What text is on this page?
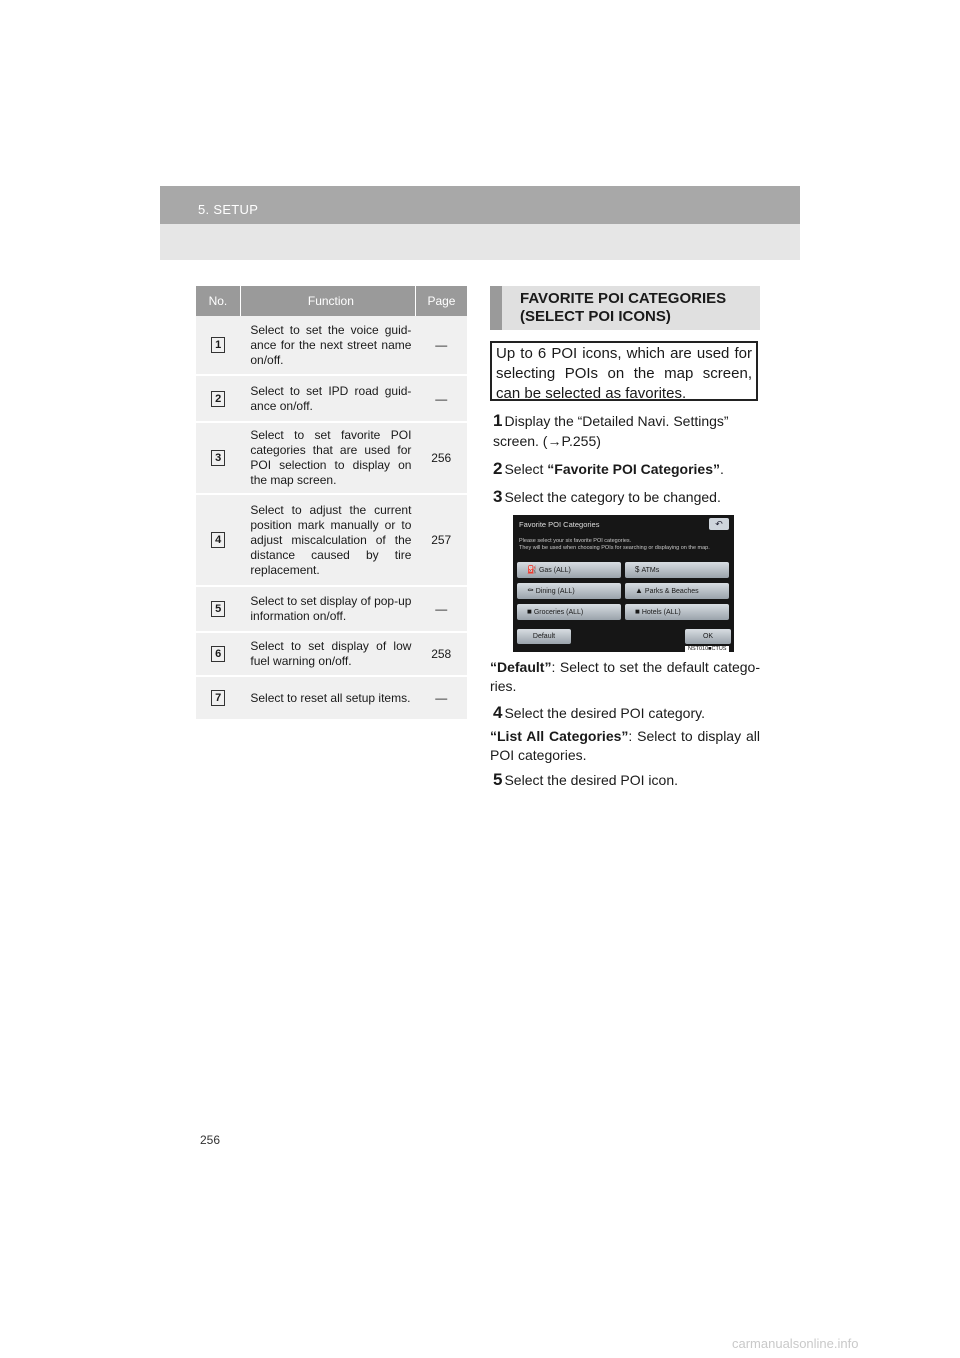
5. SETUP
No.	Function	Page
1	Select to set the voice guid-ance for the next street name on/off.	—
2	Select to set IPD road guid-ance on/off.	—
3	Select to set favorite POI categories that are used for POI selection to display on the map screen.	256
4	Select to adjust the current position mark manually or to adjust miscalculation of the distance caused by tire replacement.	257
5	Select to set display of pop-up information on/off.	—
6	Select to set display of low fuel warning on/off.	258
7	Select to reset all setup items.	—
FAVORITE POI CATEGORIES (SELECT POI ICONS)
Up to 6 POI icons, which are used for selecting POIs on the map screen, can be selected as favorites.
1 Display the “Detailed Navi. Settings” screen. (→P.255)
2 Select “Favorite POI Categories”.
3 Select the category to be changed.
Favorite POI Categories	↶
Please select your six favorite POI categories.
They will be used when choosing POIs for searching or displaying on the map.
⛽ Gas (ALL)	$ ATMs
⚰ Dining (ALL)	▲ Parks & Beaches
■ Groceries (ALL)	■ Hotels (ALL)
Default	OK
NST010■CTUS
“Default”: Select to set the default catego-ries.
4 Select the desired POI category.
“List All Categories”: Select to display all POI categories.
5 Select the desired POI icon.
256
carmanualsonline.info
